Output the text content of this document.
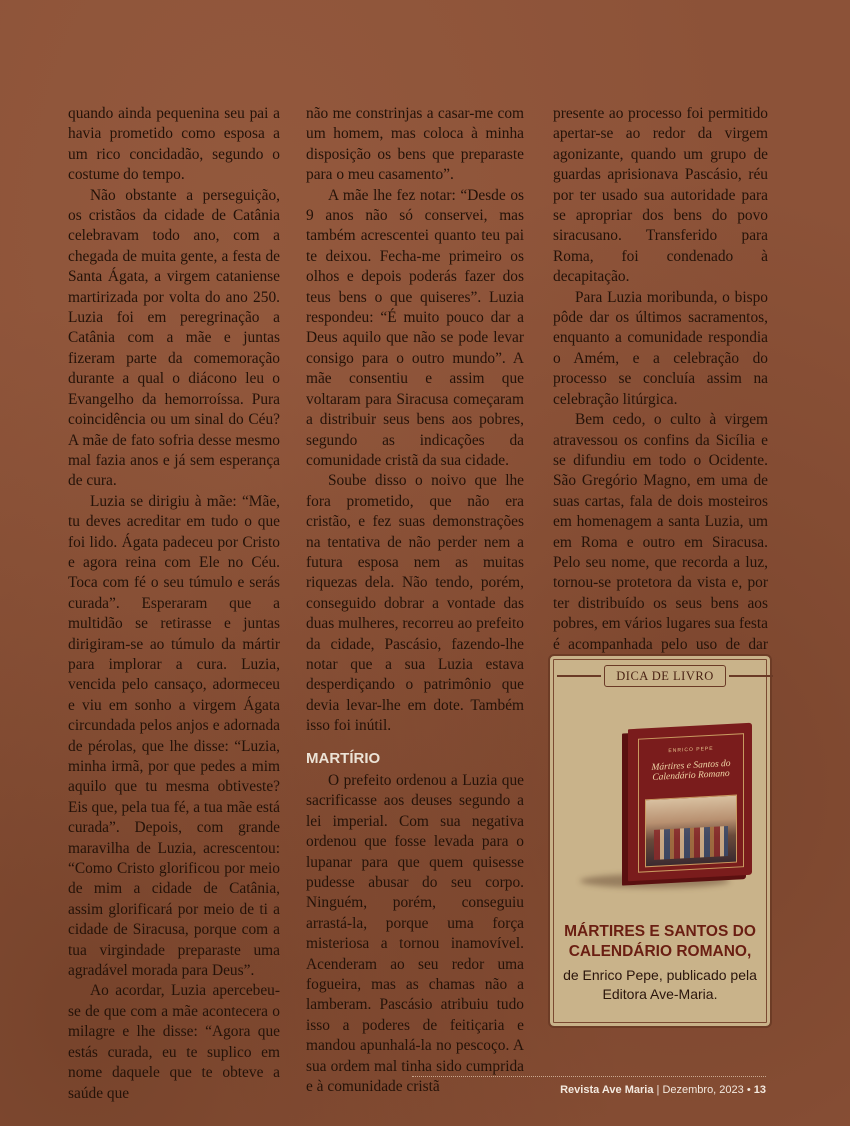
quando ainda pequenina seu pai a havia prometido como esposa a um rico concidadão, segundo o costume do tempo.

Não obstante a perseguição, os cristãos da cidade de Catânia celebravam todo ano, com a chegada de muita gente, a festa de Santa Ágata, a virgem cataniense martirizada por volta do ano 250. Luzia foi em peregrinação a Catânia com a mãe e juntas fizeram parte da comemoração durante a qual o diácono leu o Evangelho da hemorroíssa. Pura coincidência ou um sinal do Céu? A mãe de fato sofria desse mesmo mal fazia anos e já sem esperança de cura.

Luzia se dirigiu à mãe: “Mãe, tu deves acreditar em tudo o que foi lido. Ágata padeceu por Cristo e agora reina com Ele no Céu. Toca com fé o seu túmulo e serás curada”. Esperaram que a multidão se retirasse e juntas dirigiram-se ao túmulo da mártir para implorar a cura. Luzia, vencida pelo cansaço, adormeceu e viu em sonho a virgem Ágata circundada pelos anjos e adornada de pérolas, que lhe disse: “Luzia, minha irmã, por que pedes a mim aquilo que tu mesma obtiveste? Eis que, pela tua fé, a tua mãe está curada”. Depois, com grande maravilha de Luzia, acrescentou: “Como Cristo glorificou por meio de mim a cidade de Catânia, assim glorificará por meio de ti a cidade de Siracusa, porque com a tua virgindade preparaste uma agradável morada para Deus”.

Ao acordar, Luzia apercebeu-se de que com a mãe acontecera o milagre e lhe disse: “Agora que estás curada, eu te suplico em nome daquele que te obteve a saúde que

não me constrinjas a casar-me com um homem, mas coloca à minha disposição os bens que preparaste para o meu casamento”.

A mãe lhe fez notar: “Desde os 9 anos não só conservei, mas também acrescentei quanto teu pai te deixou. Fecha-me primeiro os olhos e depois poderás fazer dos teus bens o que quiseres”. Luzia respondeu: “É muito pouco dar a Deus aquilo que não se pode levar consigo para o outro mundo”. A mãe consentiu e assim que voltaram para Siracusa começaram a distribuir seus bens aos pobres, segundo as indicações da comunidade cristã da sua cidade.

Soube disso o noivo que lhe fora prometido, que não era cristão, e fez suas demonstrações na tentativa de não perder nem a futura esposa nem as muitas riquezas dela. Não tendo, porém, conseguido dobrar a vontade das duas mulheres, recorreu ao prefeito da cidade, Pascásio, fazendo-lhe notar que a sua Luzia estava desperdiçando o patrimônio que devia levar-lhe em dote. Também isso foi inútil.

MARTÍRIO

O prefeito ordenou a Luzia que sacrificasse aos deuses segundo a lei imperial. Com sua negativa ordenou que fosse levada para o lupanar para que quem quisesse pudesse abusar do seu corpo. Ninguém, porém, conseguiu arrastá-la, porque uma força misteriosa a tornou inamovível. Acenderam ao seu redor uma fogueira, mas as chamas não a lamberam. Pascásio atribuiu tudo isso a poderes de feitiçaria e mandou apunhalá-la no pescoço. A sua ordem mal tinha sido cumprida e à comunidade cristã

presente ao processo foi permitido apertar-se ao redor da virgem agonizante, quando um grupo de guardas aprisionava Pascásio, réu por ter usado sua autoridade para se apropriar dos bens do povo siracusano. Transferido para Roma, foi condenado à decapitação.

Para Luzia moribunda, o bispo pôde dar os últimos sacramentos, enquanto a comunidade respondia o Amém, e a celebração do processo se concluía assim na celebração litúrgica.

Bem cedo, o culto à virgem atravessou os confins da Sicília e se difundiu em todo o Ocidente. São Gregório Magno, em uma de suas cartas, fala de dois mosteiros em homenagem a santa Luzia, um em Roma e outro em Siracusa. Pelo seu nome, que recorda a luz, tornou-se protetora da vista e, por ter distribuído os seus bens aos pobres, em vários lugares sua festa é acompanhada pelo uso de dar

DICA DE LIVRO
ENRICO PEPE
Mártires e Santos do Calendário Romano
MÁRTIRES E SANTOS DO CALENDÁRIO ROMANO,
de Enrico Pepe, publicado pela Editora Ave-Maria.
Revista Ave Maria | Dezembro, 2023 • 13
